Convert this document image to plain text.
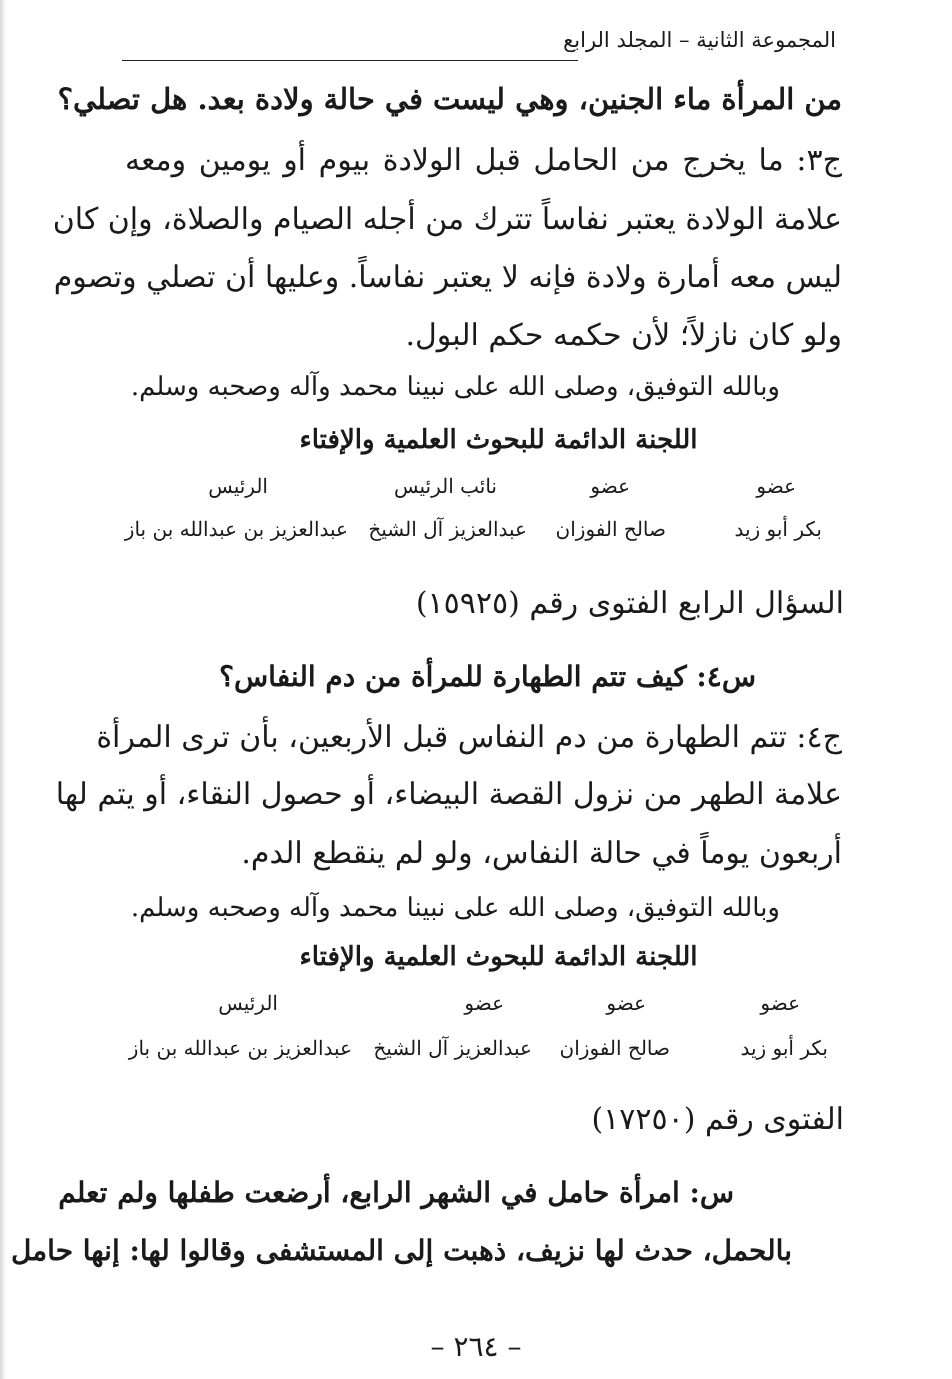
المجموعة الثانية – المجلد الرابع
من المرأة ماء الجنين، وهي ليست في حالة ولادة بعد. هل تصلي؟
ج٣: ما يخرج من الحامل قبل الولادة بيوم أو يومين ومعه
علامة الولادة يعتبر نفاساً تترك من أجله الصيام والصلاة، وإن كان
ليس معه أمارة ولادة فإنه لا يعتبر نفاساً. وعليها أن تصلي وتصوم
ولو كان نازلاً؛ لأن حكمه حكم البول.
وبالله التوفيق، وصلى الله على نبينا محمد وآله وصحبه وسلم.
اللجنة الدائمة للبحوث العلمية والإفتاء
عضو
عضو
نائب الرئيس
الرئيس
بكر أبو زيد
صالح الفوزان
عبدالعزيز آل الشيخ
عبدالعزيز بن عبدالله بن باز
السؤال الرابع الفتوى رقم (١٥٩٢٥)
س٤: كيف تتم الطهارة للمرأة من دم النفاس؟
ج٤: تتم الطهارة من دم النفاس قبل الأربعين، بأن ترى المرأة
علامة الطهر من نزول القصة البيضاء، أو حصول النقاء، أو يتم لها
أربعون يوماً في حالة النفاس، ولو لم ينقطع الدم.
وبالله التوفيق، وصلى الله على نبينا محمد وآله وصحبه وسلم.
اللجنة الدائمة للبحوث العلمية والإفتاء
عضو
عضو
عضو
الرئيس
بكر أبو زيد
صالح الفوزان
عبدالعزيز آل الشيخ
عبدالعزيز بن عبدالله بن باز
الفتوى رقم (١٧٢٥٠)
س: امرأة حامل في الشهر الرابع، أرضعت طفلها ولم تعلم
بالحمل، حدث لها نزيف، ذهبت إلى المستشفى وقالوا لها: إنها حامل
– ٢٦٤ –
